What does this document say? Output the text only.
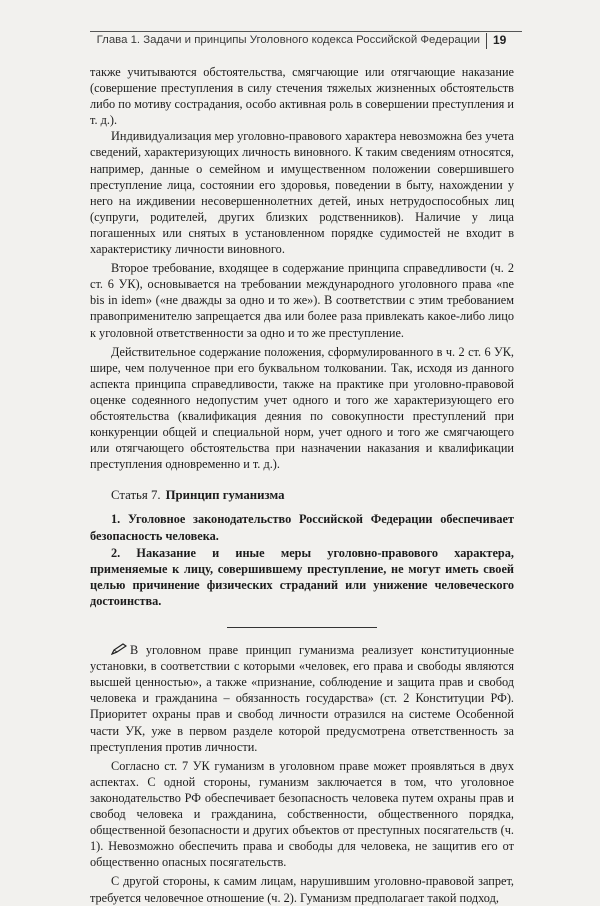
Глава 1. Задачи и принципы Уголовного кодекса Российской Федерации 19

также учитываются обстоятельства, смягчающие или отягчающие наказание (совершение преступления в силу стечения тяжелых жизненных обстоятельств либо по мотиву сострадания, особо активная роль в совершении преступления и т. д.).

Индивидуализация мер уголовно-правового характера невозможна без учета сведений, характеризующих личность виновного. К таким сведениям относятся, например, данные о семейном и имущественном положении совершившего преступление лица, состоянии его здоровья, поведении в быту, нахождении у него на иждивении несовершеннолетних детей, иных нетрудоспособных лиц (супруги, родителей, других близких родственников). Наличие у лица погашенных или снятых в установленном порядке судимостей не входит в характеристику личности виновного.

Второе требование, входящее в содержание принципа справедливости (ч. 2 ст. 6 УК), основывается на требовании международного уголовного права «ne bis in idem» («не дважды за одно и то же»). В соответствии с этим требованием правоприменителю запрещается два или более раза привлекать какое-либо лицо к уголовной ответственности за одно и то же преступление.

Действительное содержание положения, сформулированного в ч. 2 ст. 6 УК, шире, чем полученное при его буквальном толковании. Так, исходя из данного аспекта принципа справедливости, также на практике при уголовно-правовой оценке содеянного недопустим учет одного и того же характеризующего его обстоятельства (квалификация деяния по совокупности преступлений при конкуренции общей и специальной норм, учет одного и того же смягчающего или отягчающего обстоятельства при назначении наказания и квалификации преступления одновременно и т. д.).

Статья 7. Принцип гуманизма

1. Уголовное законодательство Российской Федерации обеспечивает безопасность человека.

2. Наказание и иные меры уголовно-правового характера, применяемые к лицу, совершившему преступление, не могут иметь своей целью причинение физических страданий или унижение человеческого достоинства.

В уголовном праве принцип гуманизма реализует конституционные установки, в соответствии с которыми «человек, его права и свободы являются высшей ценностью», а также «признание, соблюдение и защита прав и свобод человека и гражданина – обязанность государства» (ст. 2 Конституции РФ). Приоритет охраны прав и свобод личности отразился на системе Особенной части УК, уже в первом разделе которой предусмотрена ответственность за преступления против личности.

Согласно ст. 7 УК гуманизм в уголовном праве может проявляться в двух аспектах. С одной стороны, гуманизм заключается в том, что уголовное законодательство РФ обеспечивает безопасность человека путем охраны прав и свобод человека и гражданина, собственности, общественного порядка, общественной безопасности и других объектов от преступных посягательств (ч. 1). Невозможно обеспечить права и свободы для человека, не защитив его от общественно опасных посягательств.

С другой стороны, к самим лицам, нарушившим уголовно-правовой запрет, требуется человечное отношение (ч. 2). Гуманизм предполагает такой подход,
